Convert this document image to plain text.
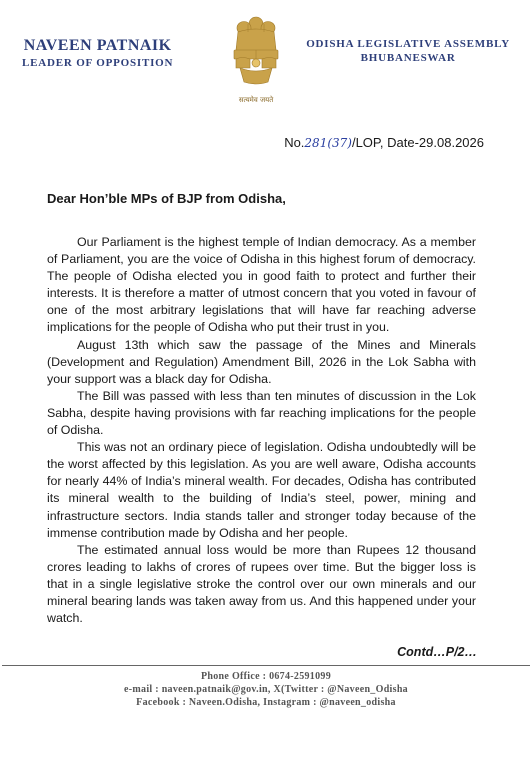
NAVEEN PATNAIK
LEADER OF OPPOSITION
सत्यमेव जयते
ODISHA LEGISLATIVE ASSEMBLY
BHUBANESWAR
No.281(37)/LOP, Date-29.08.2026
Dear Hon’ble MPs of BJP from Odisha,

Our Parliament is the highest temple of Indian democracy. As a member of Parliament, you are the voice of Odisha in this highest forum of democracy. The people of Odisha elected you in good faith to protect and further their interests. It is therefore a matter of utmost concern that you voted in favour of one of the most arbitrary legislations that will have far reaching adverse implications for the people of Odisha who put their trust in you.

August 13th which saw the passage of the Mines and Minerals (Development and Regulation) Amendment Bill, 2026 in the Lok Sabha with your support was a black day for Odisha.

The Bill was passed with less than ten minutes of discussion in the Lok Sabha, despite having provisions with far reaching implications for the people of Odisha.

This was not an ordinary piece of legislation. Odisha undoubtedly will be the worst affected by this legislation. As you are well aware, Odisha accounts for nearly 44% of India’s mineral wealth. For decades, Odisha has contributed its mineral wealth to the building of India’s steel, power, mining and infrastructure sectors. India stands taller and stronger today because of the immense contribution made by Odisha and her people.

The estimated annual loss would be more than Rupees 12 thousand crores leading to lakhs of crores of rupees over time. But the bigger loss is that in a single legislative stroke the control over our own minerals and our mineral bearing lands was taken away from us. And this happened under your watch.

Contd…P/2…
Phone Office : 0674-2591099
e-mail : naveen.patnaik@gov.in, X(Twitter : @Naveen_Odisha
Facebook : Naveen.Odisha, Instagram : @naveen_odisha
